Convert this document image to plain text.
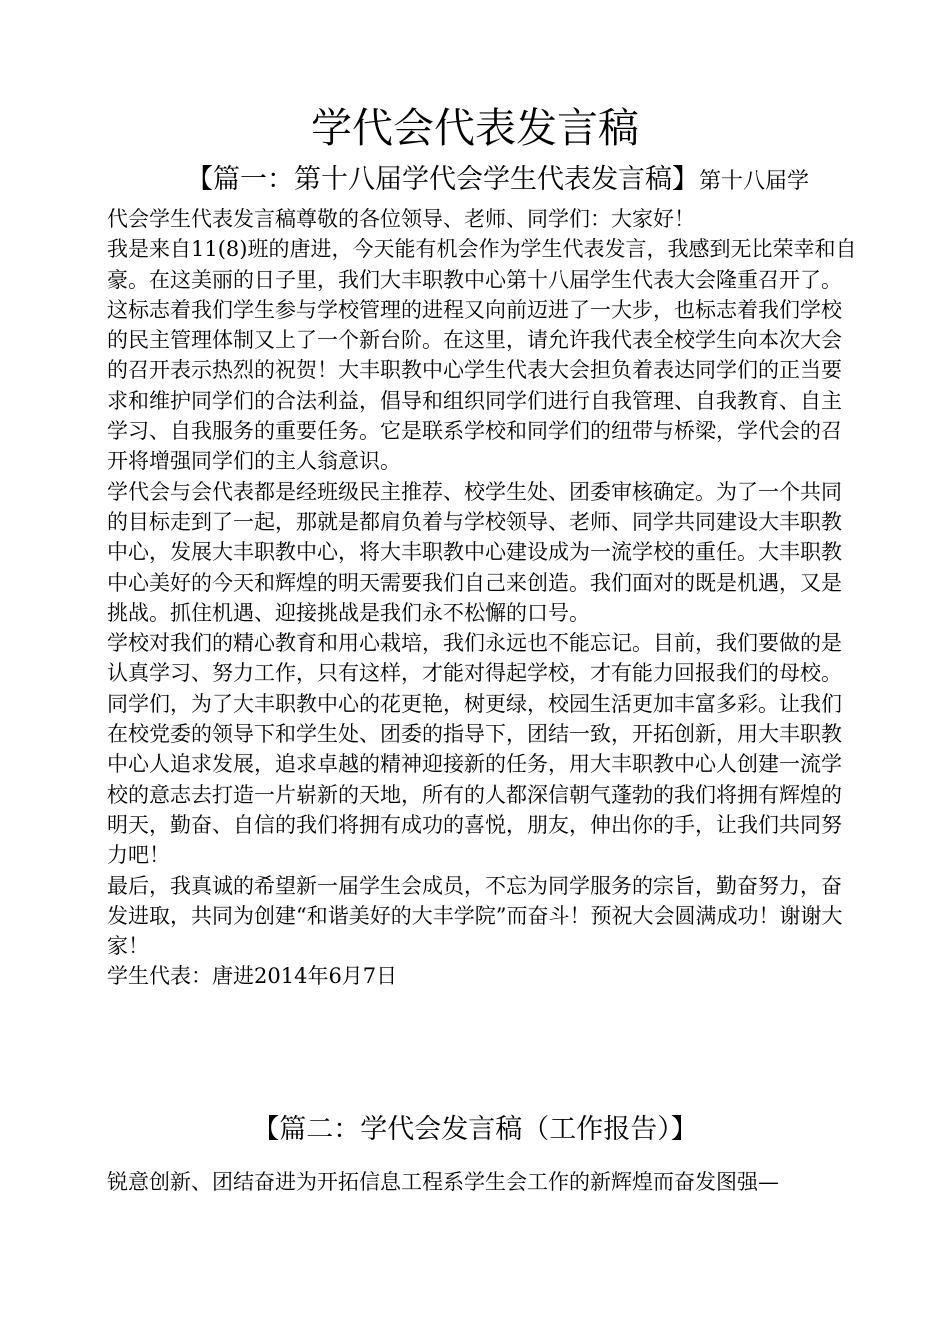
学代会代表发言稿
【篇一：第十八届学代会学生代表发言稿】第十八届学

代会学生代表发言稿尊敬的各位领导、老师、同学们：大家好！

我是来自11(8)班的唐进，今天能有机会作为学生代表发言，我感到无比荣幸和自豪。在这美丽的日子里，我们大丰职教中心第十八届学生代表大会隆重召开了。这标志着我们学生参与学校管理的进程又向前迈进了一大步，也标志着我们学校的民主管理体制又上了一个新台阶。在这里，请允许我代表全校学生向本次大会的召开表示热烈的祝贺！大丰职教中心学生代表大会担负着表达同学们的正当要求和维护同学们的合法利益，倡导和组织同学们进行自我管理、自我教育、自主学习、自我服务的重要任务。它是联系学校和同学们的纽带与桥梁，学代会的召开将增强同学们的主人翁意识。

学代会与会代表都是经班级民主推荐、校学生处、团委审核确定。为了一个共同的目标走到了一起，那就是都肩负着与学校领导、老师、同学共同建设大丰职教中心，发展大丰职教中心，将大丰职教中心建设成为一流学校的重任。大丰职教中心美好的今天和辉煌的明天需要我们自己来创造。我们面对的既是机遇，又是挑战。抓住机遇、迎接挑战是我们永不松懈的口号。

学校对我们的精心教育和用心栽培，我们永远也不能忘记。目前，我们要做的是认真学习、努力工作，只有这样，才能对得起学校，才有能力回报我们的母校。

同学们，为了大丰职教中心的花更艳，树更绿，校园生活更加丰富多彩。让我们在校党委的领导下和学生处、团委的指导下，团结一致，开拓创新，用大丰职教中心人追求发展，追求卓越的精神迎接新的任务，用大丰职教中心人创建一流学校的意志去打造一片崭新的天地，所有的人都深信朝气蓬勃的我们将拥有辉煌的明天，勤奋、自信的我们将拥有成功的喜悦，朋友，伸出你的手，让我们共同努力吧！

最后，我真诚的希望新一届学生会成员，不忘为同学服务的宗旨，勤奋努力，奋发进取，共同为创建“和谐美好的大丰学院”而奋斗！预祝大会圆满成功！谢谢大家！

学生代表：唐进2014年6月7日

【篇二：学代会发言稿（工作报告）】
锐意创新、团结奋进为开拓信息工程系学生会工作的新辉煌而奋发图强—
